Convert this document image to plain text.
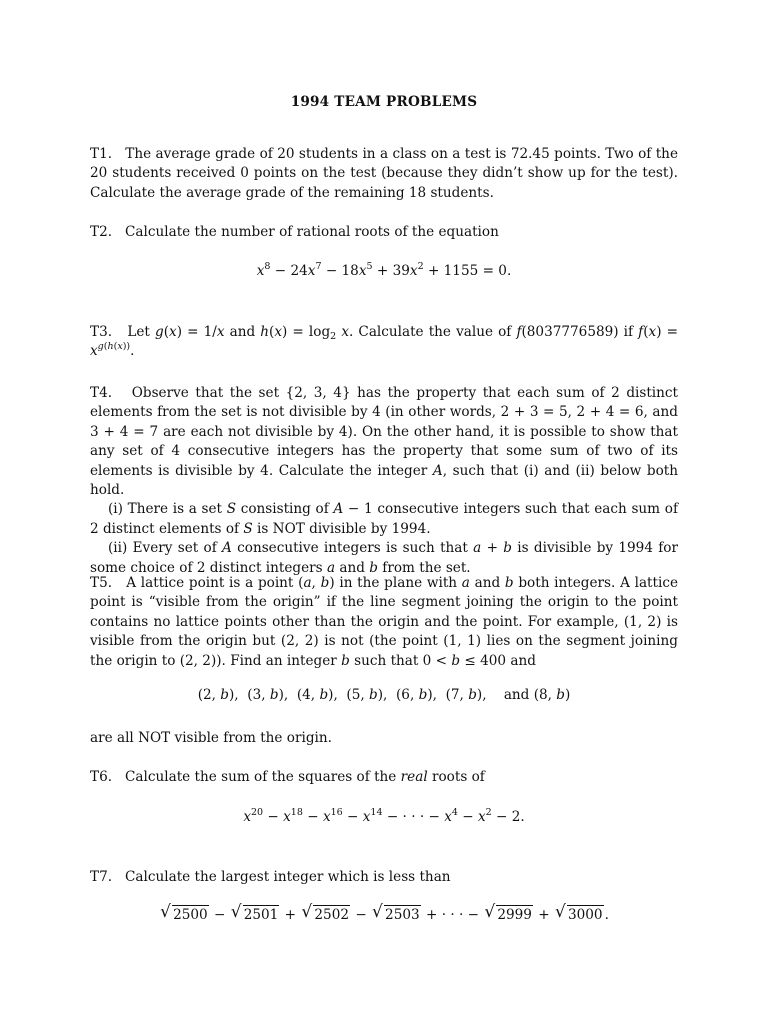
1994 TEAM PROBLEMS

T1. The average grade of 20 students in a class on a test is 72.45 points. Two of the 20 students received 0 points on the test (because they didn’t show up for the test). Calculate the average grade of the remaining 18 students.

T2. Calculate the number of rational roots of the equation

$x^8 - 24x^7 - 18x^5 + 39x^2 + 1155 = 0$.

T3.   Let g(x) = 1/x and $h(x) = \log_2 x$. Calculate the value of f(8037776589) if $f(x) = x^{g(h(x))}$.

T4.   Observe that the set {2, 3, 4} has the property that each sum of 2 distinct elements from the set is not divisible by 4 (in other words, 2 + 3 = 5, 2 + 4 = 6, and 3 + 4 = 7 are each not divisible by 4). On the other hand, it is possible to show that any set of 4 consecutive integers has the property that some sum of two of its elements is divisible by 4. Calculate the integer A, such that (i) and (ii) below both hold.

(i) There is a set S consisting of A − 1 consecutive integers such that each sum of 2 distinct elements of S is NOT divisible by 1994.

(ii) Every set of A consecutive integers is such that a + b is divisible by 1994 for some choice of 2 distinct integers a and b from the set.

T5.   A lattice point is a point (a, b) in the plane with a and b both integers. A lattice point is “visible from the origin” if the line segment joining the origin to the point contains no lattice points other than the origin and the point. For example, (1, 2) is visible from the origin but (2, 2) is not (the point (1, 1) lies on the segment joining the origin to (2, 2)). Find an integer b such that 0 < b ≤ 400 and

(2, b),  (3, b),  (4, b),  (5, b),  (6, b),  (7, b),    and (8, b)

are all NOT visible from the origin.

T6. Calculate the sum of the squares of the real roots of

$x^{20} - x^{18} - x^{16} - x^{14}$ − · · · − $x^4 - x^2 - 2$.

T7. Calculate the largest integer which is less than

√ 2500 − √ 2501 + √ 2502 − √ 2503 + · · · − √ 2999 + √ 3000 .
